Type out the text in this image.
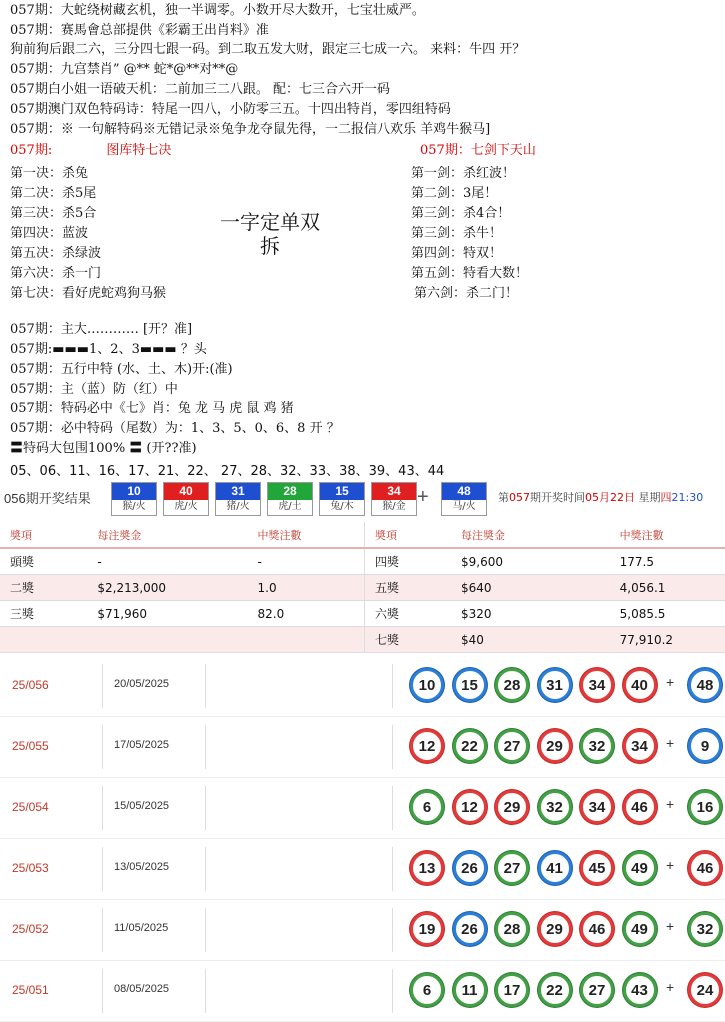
057期：大蛇绕树藏玄机，独一半调零。小数开尽大数开，七宝壮威严。
057期：赛馬會总部提供《彩霸王出肖料》准
狗前狗后跟二六，三分四七跟一码。到二取五发大财，跟定三七成一六。 来料：牛四 开？
057期：九宫禁肖” @** 蛇*@**对**@
057期白小姐一语破天机：二前加三二八跟。 配：七三合六开一码
057期澳门双色特码诗：特尾一四八，小防零三五。十四出特肖，零四组特码
057期：※ 一句解特码※无错记录※兔争龙夺鼠先得，一二报信八欢乐 羊鸡牛猴马]
057期:	图库特七决	057期：七剑下天山
第一决：杀兔
第二决：杀5尾
第三决：杀5合
第四决：蓝波
第五决：杀绿波
第六决：杀一门
第七决：看好虎蛇鸡狗马猴
一字定单双
拆
第一剑：杀红波！
第二剑：3尾！
第三剑：杀4合！
第三剑：杀牛！
第四剑：特双！
第五剑：特看大数！
第六剑：杀二门！
057期：主大………… [开？准]
057期:▬▬▬1、2、3▬▬▬ ？头
057期：五行中特 (水、土、木)开:(准)
057期：主（蓝）防（红）中
057期：特码必中《七》肖：兔 龙 马 虎 鼠 鸡 猪
057期：必中特码（尾数）为：1、3、5、0、6、8 开 ？
〓特码大包围100% 〓 (开??准)
05、06、11、16、17、21、22、 27、28、32、33、38、39、43、44
056期开奖结果	10
猴/火
40
虎/火
31
猪/火
28
虎/土
15
兔/木
34
猴/金 +	48
马/火
第057期开奖时间05月22日 星期四21:30
奬項	每注奬金	中獎注數
頭獎	-	-
二獎	$2,213,000	1.0
三獎	$71,960	82.0

奬項	每注奬金	中獎注數
四獎	$9,600	177.5
五獎	$640	4,056.1
六獎	$320	5,085.5
七獎	$40	77,910.2
25/056	20/05/2025	10	15	28	31	34	40	+	48
25/055	17/05/2025	12	22	27	29	32	34	+	9
25/054	15/05/2025	6	12	29	32	34	46	+	16
25/053	13/05/2025	13	26	27	41	45	49	+	46
25/052	11/05/2025	19	26	28	29	46	49	+	32
25/051	08/05/2025	6	11	17	22	27	43	+	24
